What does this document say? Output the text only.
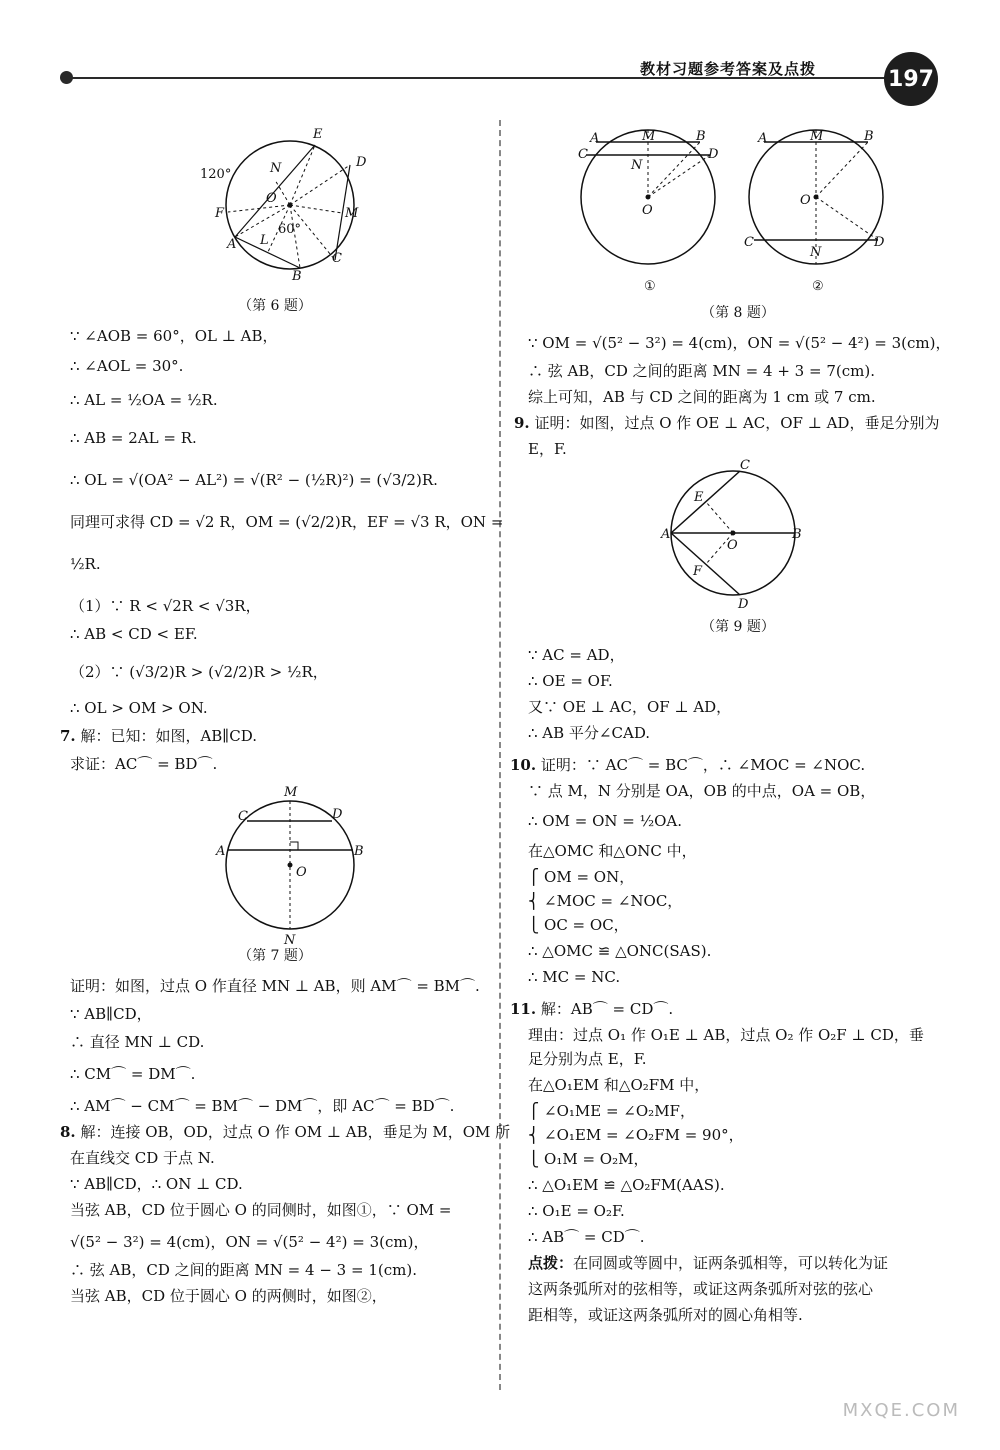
教材习题参考答案及点拨	197
E
N	D
O
M
F
A L
B
C
120°
60°
（第 6 题）
∵ ∠AOB = 60°，OL ⊥ AB，
∴ ∠AOL = 30°.
∴ AL = ½OA = ½R.
∴ AB = 2AL = R.
∴ OL = √(OA² − AL²) = √(R² − (½R)²) = (√3/2)R.
同理可求得 CD = √2 R，OM = (√2/2)R，EF = √3 R，ON =
½R.
（1）∵ R < √2R < √3R，
∴ AB < CD < EF.
（2）∵ (√3/2)R > (√2/2)R > ½R，
∴ OL > OM > ON.
7. 解：已知：如图，AB∥CD.
求证：AC⌒ = BD⌒.
M
C	D
A	B
O
N
（第 7 题）
证明：如图，过点 O 作直径 MN ⊥ AB，则 AM⌒ = BM⌒.
∵ AB∥CD，
∴ 直径 MN ⊥ CD.
∴ CM⌒ = DM⌒.
∴ AM⌒ − CM⌒ = BM⌒ − DM⌒，即 AC⌒ = BD⌒.
8. 解：连接 OB，OD，过点 O 作 OM ⊥ AB，垂足为 M，OM 所
在直线交 CD 于点 N.
∵ AB∥CD，∴ ON ⊥ CD.
当弦 AB，CD 位于圆心 O 的同侧时，如图①，∵ OM =
√(5² − 3²) = 4(cm)，ON = √(5² − 4²) = 3(cm)，
∴ 弦 AB，CD 之间的距离 MN = 4 − 3 = 1(cm).
当弦 AB，CD 位于圆心 O 的两侧时，如图②，
A	M	B
C	D
N
O
①
A	M	B
C	D
N
O
②
（第 8 题）
∵ OM = √(5² − 3²) = 4(cm)，ON = √(5² − 4²) = 3(cm)，
∴ 弦 AB，CD 之间的距离 MN = 4 + 3 = 7(cm).
综上可知，AB 与 CD 之间的距离为 1 cm 或 7 cm.
9. 证明：如图，过点 O 作 OE ⊥ AC，OF ⊥ AD，垂足分别为
E，F.
C
E
A
O
B
F
D
（第 9 题）
∵ AC = AD，
∴ OE = OF.
又∵ OE ⊥ AC，OF ⊥ AD，
∴ AB 平分∠CAD.
10. 证明：∵ AC⌒ = BC⌒，∴ ∠MOC = ∠NOC.
∵ 点 M，N 分别是 OA，OB 的中点，OA = OB，
∴ OM = ON = ½OA.
在△OMC 和△ONC 中，
⎧ OM = ON，
⎨ ∠MOC = ∠NOC，
⎩ OC = OC，
∴ △OMC ≌ △ONC(SAS).
∴ MC = NC.
11. 解：AB⌒ = CD⌒.
理由：过点 O₁ 作 O₁E ⊥ AB，过点 O₂ 作 O₂F ⊥ CD，垂
足分别为点 E，F.
在△O₁EM 和△O₂FM 中，
⎧ ∠O₁ME = ∠O₂MF，
⎨ ∠O₁EM = ∠O₂FM = 90°，
⎩ O₁M = O₂M，
∴ △O₁EM ≌ △O₂FM(AAS).
∴ O₁E = O₂F.
∴ AB⌒ = CD⌒.
点拨：在同圆或等圆中，证两条弧相等，可以转化为证
这两条弧所对的弦相等，或证这两条弧所对弦的弦心
距相等，或证这两条弧所对的圆心角相等.
MXQE.COM
